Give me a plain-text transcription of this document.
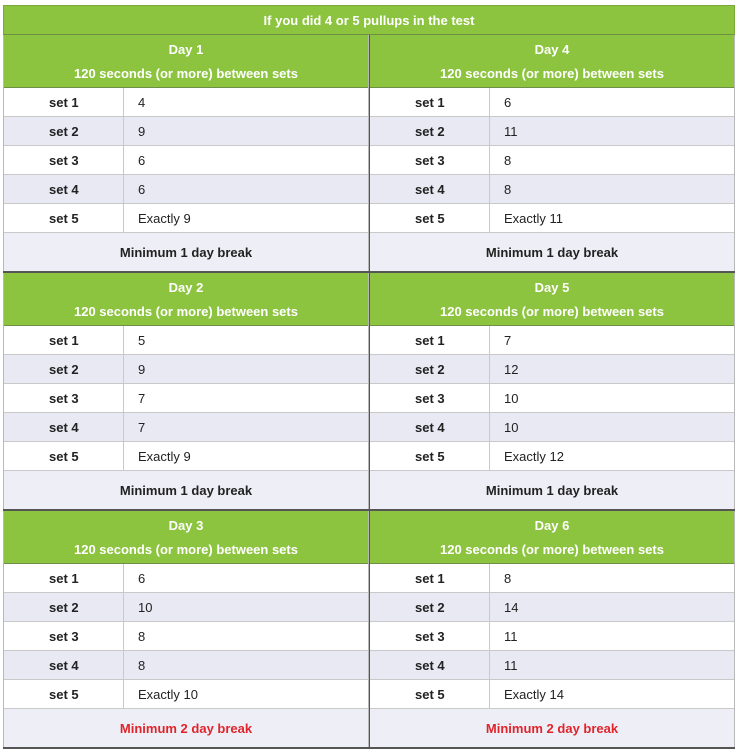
If you did 4 or 5 pullups in the test
Day 1
120 seconds (or more) between sets
set 1	4
set 2	9
set 3	6
set 4	6
set 5	Exactly 9
Minimum 1 day break
Day 4
120 seconds (or more) between sets
set 1	6
set 2	11
set 3	8
set 4	8
set 5	Exactly 11
Minimum 1 day break
Day 2
120 seconds (or more) between sets
set 1	5
set 2	9
set 3	7
set 4	7
set 5	Exactly 9
Minimum 1 day break
Day 5
120 seconds (or more) between sets
set 1	7
set 2	12
set 3	10
set 4	10
set 5	Exactly 12
Minimum 1 day break
Day 3
120 seconds (or more) between sets
set 1	6
set 2	10
set 3	8
set 4	8
set 5	Exactly 10
Minimum 2 day break
Day 6
120 seconds (or more) between sets
set 1	8
set 2	14
set 3	11
set 4	11
set 5	Exactly 14
Minimum 2 day break
